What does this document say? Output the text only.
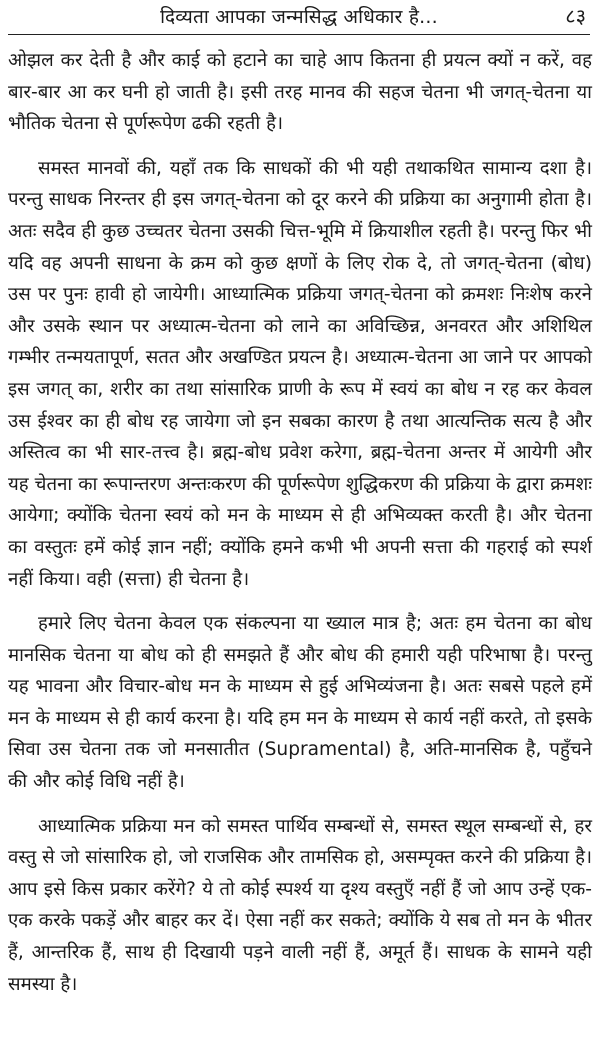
दिव्यता आपका जन्मसिद्ध अधिकार है...	८३

ओझल कर देती है और काई को हटाने का चाहे आप कितना ही प्रयत्न क्यों न करें, वह बार-बार आ कर घनी हो जाती है। इसी तरह मानव की सहज चेतना भी जगत्-चेतना या भौतिक चेतना से पूर्णरूपेण ढकी रहती है।

समस्त मानवों की, यहाँ तक कि साधकों की भी यही तथाकथित सामान्य दशा है। परन्तु साधक निरन्तर ही इस जगत्-चेतना को दूर करने की प्रक्रिया का अनुगामी होता है। अतः सदैव ही कुछ उच्चतर चेतना उसकी चित्त-भूमि में क्रियाशील रहती है। परन्तु फिर भी यदि वह अपनी साधना के क्रम को कुछ क्षणों के लिए रोक दे, तो जगत्-चेतना (बोध) उस पर पुनः हावी हो जायेगी। आध्यात्मिक प्रक्रिया जगत्-चेतना को क्रमशः निःशेष करने और उसके स्थान पर अध्यात्म-चेतना को लाने का अविच्छिन्न, अनवरत और अशिथिल गम्भीर तन्मयतापूर्ण, सतत और अखण्डित प्रयत्न है। अध्यात्म-चेतना आ जाने पर आपको इस जगत् का, शरीर का तथा सांसारिक प्राणी के रूप में स्वयं का बोध न रह कर केवल उस ईश्वर का ही बोध रह जायेगा जो इन सबका कारण है तथा आत्यन्तिक सत्य है और अस्तित्व का भी सार-तत्त्व है। ब्रह्म-बोध प्रवेश करेगा, ब्रह्म-चेतना अन्तर में आयेगी और यह चेतना का रूपान्तरण अन्तःकरण की पूर्णरूपेण शुद्धिकरण की प्रक्रिया के द्वारा क्रमशः आयेगा; क्योंकि चेतना स्वयं को मन के माध्यम से ही अभिव्यक्त करती है। और चेतना का वस्तुतः हमें कोई ज्ञान नहीं; क्योंकि हमने कभी भी अपनी सत्ता की गहराई को स्पर्श नहीं किया। वही (सत्ता) ही चेतना है।

हमारे लिए चेतना केवल एक संकल्पना या ख्याल मात्र है; अतः हम चेतना का बोध मानसिक चेतना या बोध को ही समझते हैं और बोध की हमारी यही परिभाषा है। परन्तु यह भावना और विचार-बोध मन के माध्यम से हुई अभिव्यंजना है। अतः सबसे पहले हमें मन के माध्यम से ही कार्य करना है। यदि हम मन के माध्यम से कार्य नहीं करते, तो इसके सिवा उस चेतना तक जो मनसातीत (Supramental) है, अति-मानसिक है, पहुँचने की और कोई विधि नहीं है।

आध्यात्मिक प्रक्रिया मन को समस्त पार्थिव सम्बन्धों से, समस्त स्थूल सम्बन्धों से, हर वस्तु से जो सांसारिक हो, जो राजसिक और तामसिक हो, असम्पृक्त करने की प्रक्रिया है। आप इसे किस प्रकार करेंगे? ये तो कोई स्पर्श्य या दृश्य वस्तुएँ नहीं हैं जो आप उन्हें एक-एक करके पकड़ें और बाहर कर दें। ऐसा नहीं कर सकते; क्योंकि ये सब तो मन के भीतर हैं, आन्तरिक हैं, साथ ही दिखायी पड़ने वाली नहीं हैं, अमूर्त हैं। साधक के सामने यही समस्या है।
